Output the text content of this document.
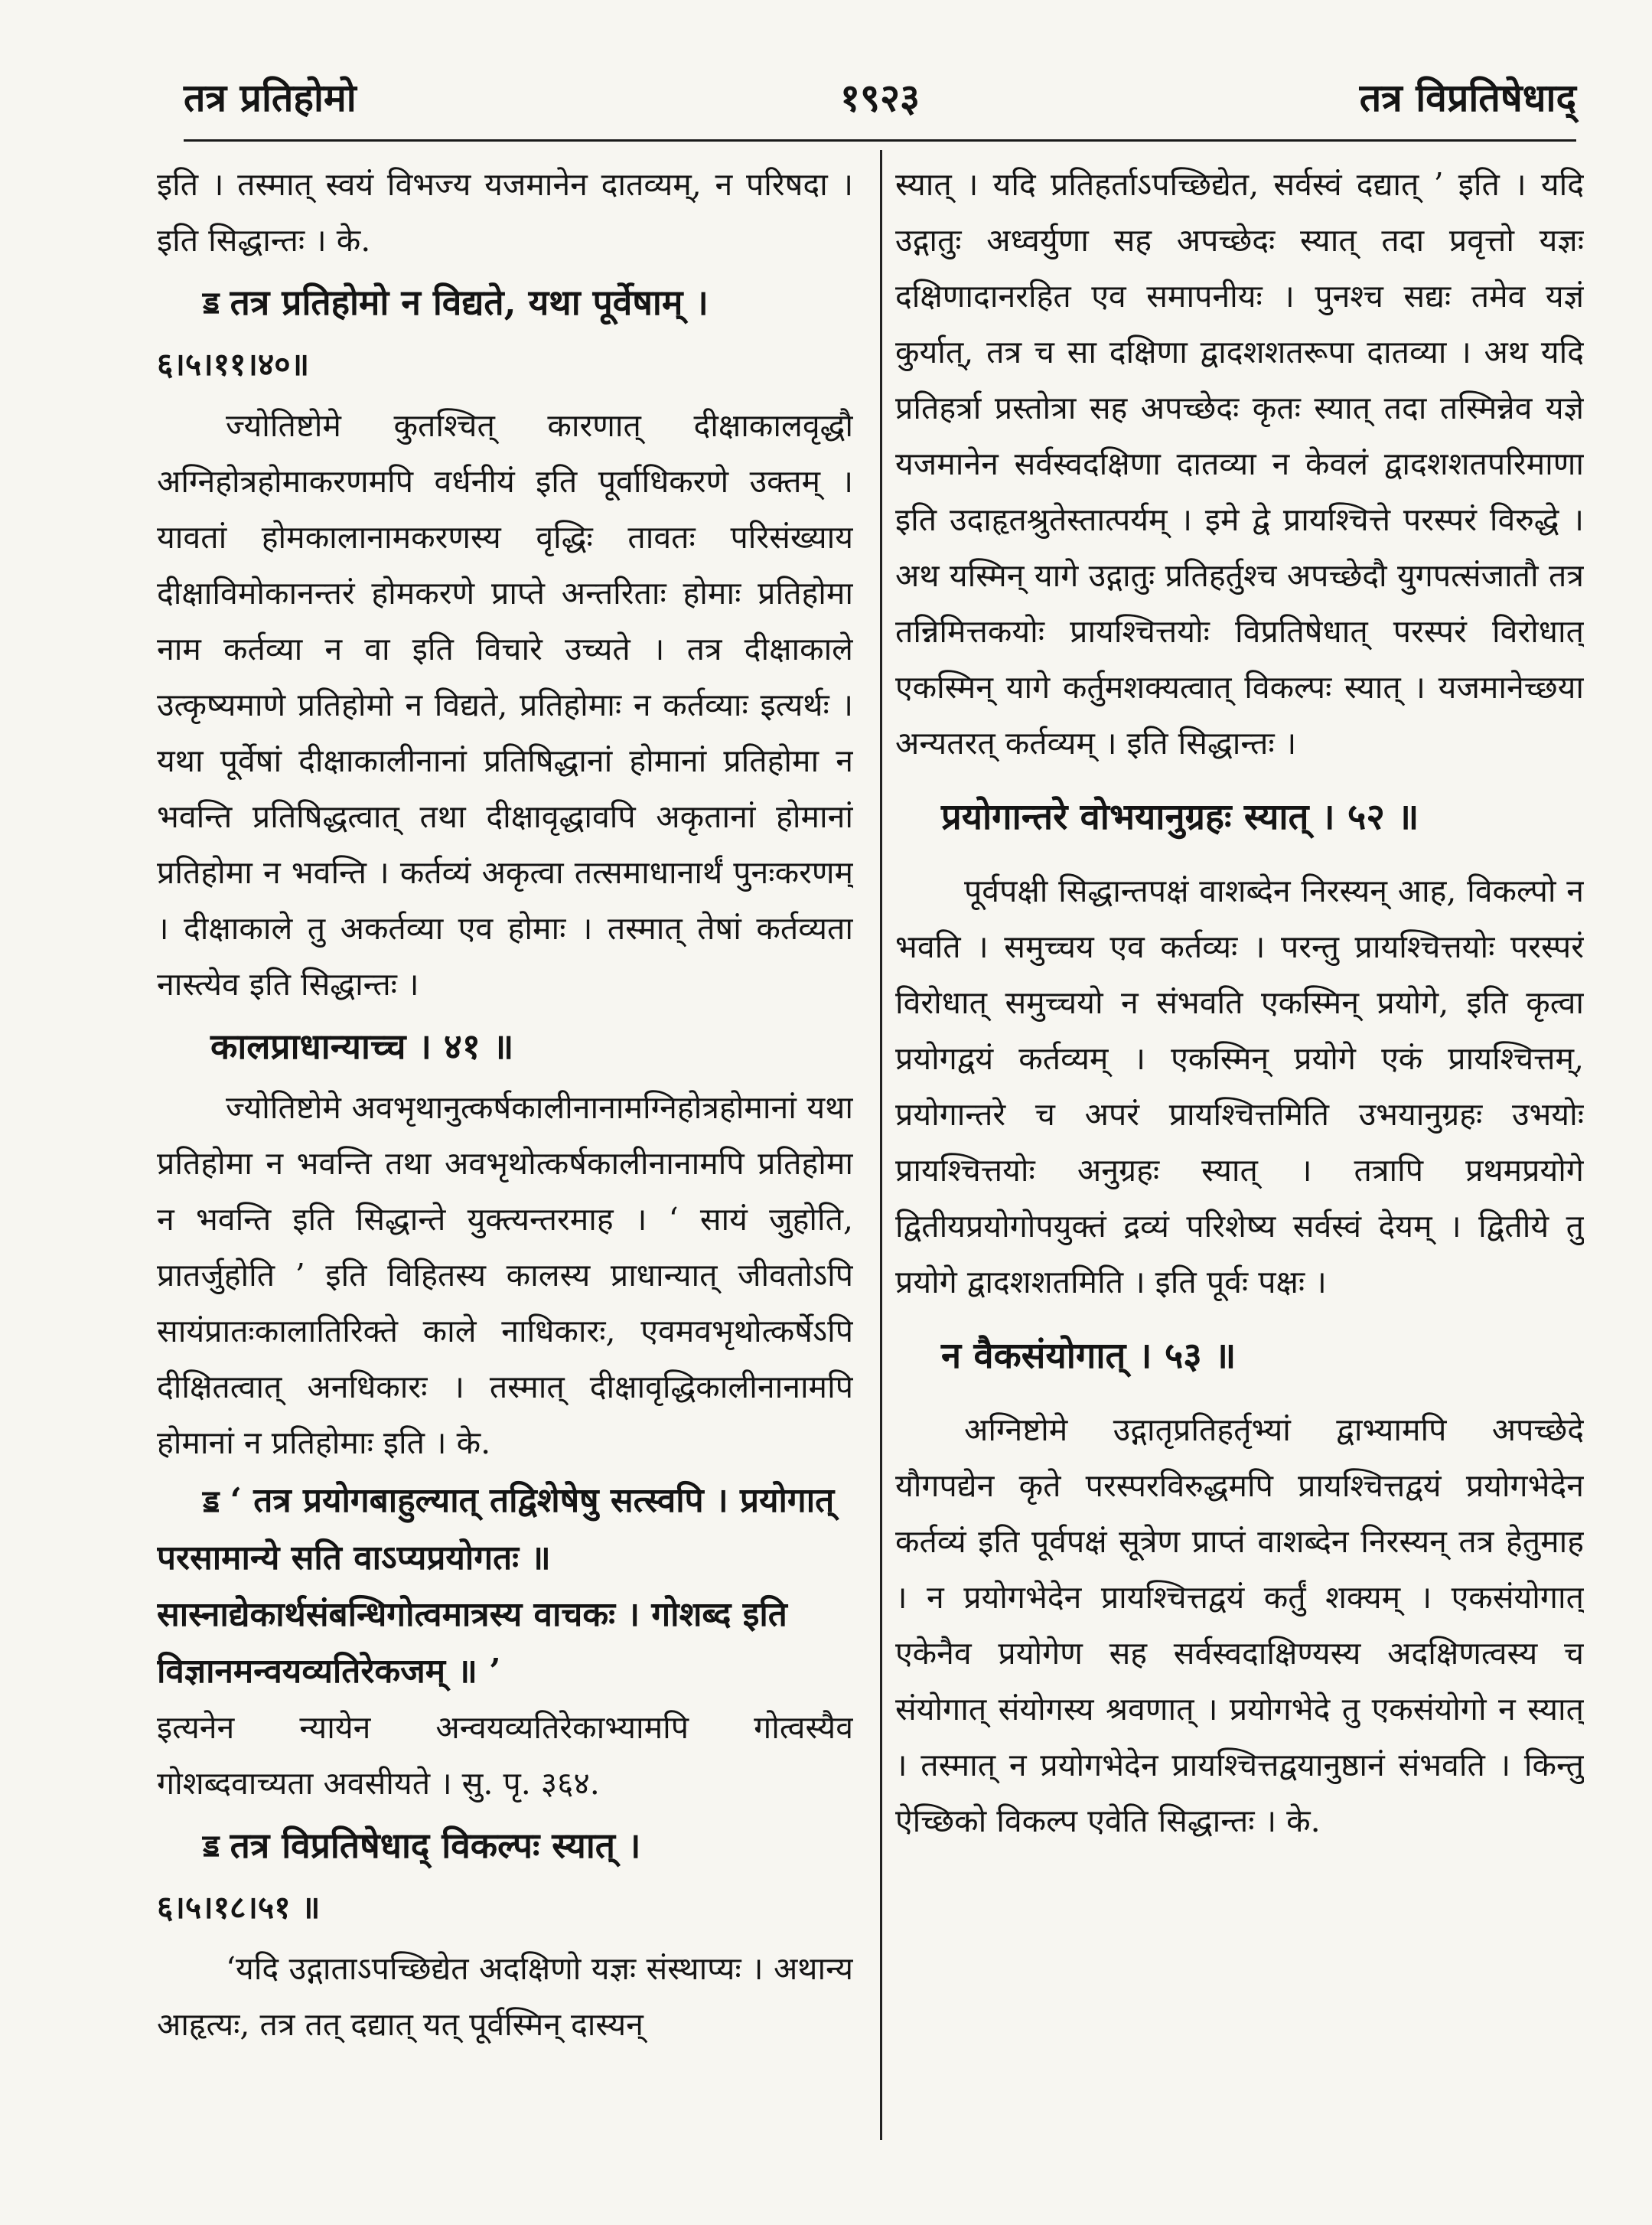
तत्र प्रतिहोमो	१९२३	तत्र विप्रतिषेधाद्

इति । तस्मात् स्वयं विभज्य यजमानेन दातव्यम्, न परिषदा । इति सिद्धान्तः । के.

ॾ तत्र प्रतिहोमो न विद्यते, यथा पूर्वेषाम् ।
६।५।११।४०॥

ज्योतिष्टोमे कुतश्चित् कारणात् दीक्षाकालवृद्धौ अग्निहोत्रहोमाकरणमपि वर्धनीयं इति पूर्वाधिकरणे उक्तम् । यावतां होमकालानामकरणस्य वृद्धिः तावतः परिसंख्याय दीक्षाविमोकानन्तरं होमकरणे प्राप्ते अन्तरिताः होमाः प्रतिहोमा नाम कर्तव्या न वा इति विचारे उच्यते । तत्र दीक्षाकाले उत्कृष्यमाणे प्रतिहोमो न विद्यते, प्रतिहोमाः न कर्तव्याः इत्यर्थः । यथा पूर्वेषां दीक्षाकालीनानां प्रतिषिद्धानां होमानां प्रतिहोमा न भवन्ति प्रतिषिद्धत्वात् तथा दीक्षावृद्धावपि अकृतानां होमानां प्रतिहोमा न भवन्ति । कर्तव्यं अकृत्वा तत्समाधानार्थं पुनःकरणम् । दीक्षाकाले तु अकर्तव्या एव होमाः । तस्मात् तेषां कर्तव्यता नास्त्येव इति सिद्धान्तः ।

कालप्राधान्याच्च । ४१ ॥

ज्योतिष्टोमे अवभृथानुत्कर्षकालीनानामग्निहोत्रहोमानां यथा प्रतिहोमा न भवन्ति तथा अवभृथोत्कर्षकालीनानामपि प्रतिहोमा न भवन्ति इति सिद्धान्ते युक्त्यन्तरमाह । ‘ सायं जुहोति, प्रातर्जुहोति ’ इति विहितस्य कालस्य प्राधान्यात् जीवतोऽपि सायंप्रातःकालातिरिक्ते काले नाधिकारः, एवमवभृथोत्कर्षेऽपि दीक्षितत्वात् अनधिकारः । तस्मात् दीक्षावृद्धिकालीनानामपि होमानां न प्रतिहोमाः इति । के.

ॾ ‘ तत्र प्रयोगबाहुल्यात् तद्विशेषेषु सत्स्वपि । प्रयोगात् परसामान्ये सति वाऽप्यप्रयोगतः ॥ सास्नाद्येकार्थसंबन्धिगोत्वमात्रस्य वाचकः । गोशब्द इति विज्ञानमन्वयव्यतिरेकजम् ॥ ’

इत्यनेन न्यायेन अन्वयव्यतिरेकाभ्यामपि गोत्वस्यैव गोशब्दवाच्यता अवसीयते । सु. पृ. ३६४.

ॾ तत्र विप्रतिषेधाद् विकल्पः स्यात् ।
६।५।१८।५१ ॥

‘यदि उद्गाताऽपच्छिद्येत अदक्षिणो यज्ञः संस्थाप्यः । अथान्य आहृत्यः, तत्र तत् दद्यात् यत् पूर्वस्मिन् दास्यन्

स्यात् । यदि प्रतिहर्ताऽपच्छिद्येत, सर्वस्वं दद्यात् ’ इति । यदि उद्गातुः अध्वर्युणा सह अपच्छेदः स्यात् तदा प्रवृत्तो यज्ञः दक्षिणादानरहित एव समापनीयः । पुनश्च सद्यः तमेव यज्ञं कुर्यात्, तत्र च सा दक्षिणा द्वादशशतरूपा दातव्या । अथ यदि प्रतिहर्त्रा प्रस्तोत्रा सह अपच्छेदः कृतः स्यात् तदा तस्मिन्नेव यज्ञे यजमानेन सर्वस्वदक्षिणा दातव्या न केवलं द्वादशशतपरिमाणा इति उदाहृतश्रुतेस्तात्पर्यम् । इमे द्वे प्रायश्चित्ते परस्परं विरुद्धे । अथ यस्मिन् यागे उद्गातुः प्रतिहर्तुश्च अपच्छेदौ युगपत्संजातौ तत्र तन्निमित्तकयोः प्रायश्चित्तयोः विप्रतिषेधात् परस्परं विरोधात् एकस्मिन् यागे कर्तुमशक्यत्वात् विकल्पः स्यात् । यजमानेच्छया अन्यतरत् कर्तव्यम् । इति सिद्धान्तः ।

प्रयोगान्तरे वोभयानुग्रहः स्यात् । ५२ ॥

पूर्वपक्षी सिद्धान्तपक्षं वाशब्देन निरस्यन् आह, विकल्पो न भवति । समुच्चय एव कर्तव्यः । परन्तु प्रायश्चित्तयोः परस्परं विरोधात् समुच्चयो न संभवति एकस्मिन् प्रयोगे, इति कृत्वा प्रयोगद्वयं कर्तव्यम् । एकस्मिन् प्रयोगे एकं प्रायश्चित्तम्, प्रयोगान्तरे च अपरं प्रायश्चित्तमिति उभयानुग्रहः उभयोः प्रायश्चित्तयोः अनुग्रहः स्यात् । तत्रापि प्रथमप्रयोगे द्वितीयप्रयोगोपयुक्तं द्रव्यं परिशेष्य सर्वस्वं देयम् । द्वितीये तु प्रयोगे द्वादशशतमिति । इति पूर्वः पक्षः ।

न वैकसंयोगात् । ५३ ॥

अग्निष्टोमे उद्गातृप्रतिहर्तृभ्यां द्वाभ्यामपि अपच्छेदे यौगपद्येन कृते परस्परविरुद्धमपि प्रायश्चित्तद्वयं प्रयोगभेदेन कर्तव्यं इति पूर्वपक्षं सूत्रेण प्राप्तं वाशब्देन निरस्यन् तत्र हेतुमाह । न प्रयोगभेदेन प्रायश्चित्तद्वयं कर्तुं शक्यम् । एकसंयोगात् एकेनैव प्रयोगेण सह सर्वस्वदाक्षिण्यस्य अदक्षिणत्वस्य च संयोगात् संयोगस्य श्रवणात् । प्रयोगभेदे तु एकसंयोगो न स्यात् । तस्मात् न प्रयोगभेदेन प्रायश्चित्तद्वयानुष्ठानं संभवति । किन्तु ऐच्छिको विकल्प एवेति सिद्धान्तः । के.
